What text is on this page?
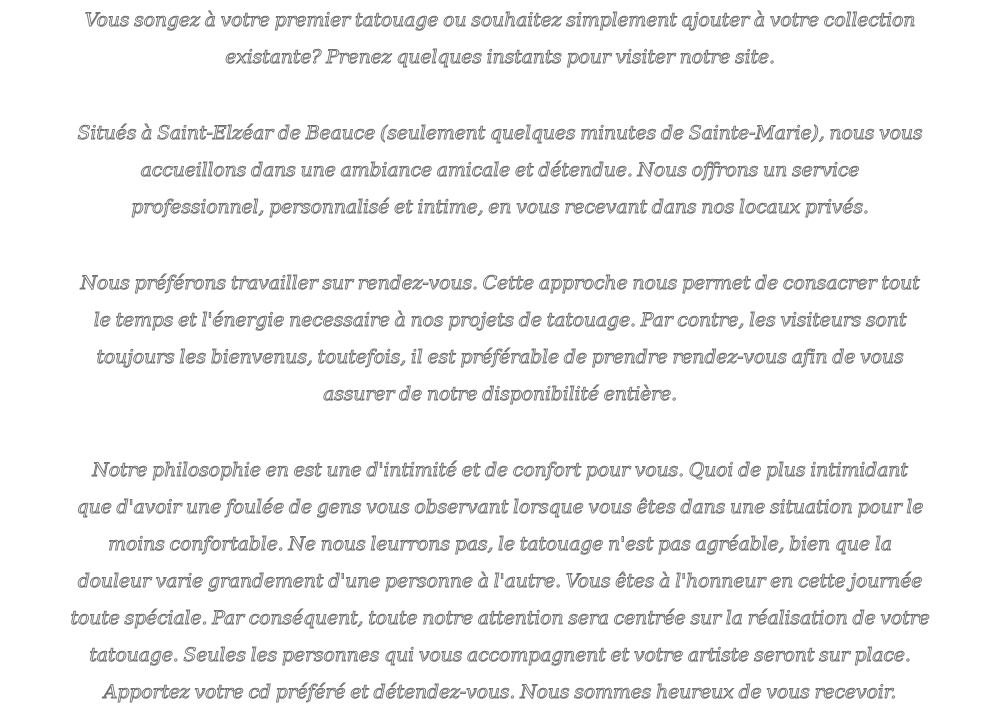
Vous songez à votre premier tatouage ou souhaitez simplement ajouter à votre collection
existante? Prenez quelques instants pour visiter notre site.

Situés à Saint-Elzéar de Beauce (seulement quelques minutes de Sainte-Marie), nous vous
accueillons dans une ambiance amicale et détendue. Nous offrons un service
professionnel, personnalisé et intime, en vous recevant dans nos locaux privés.

Nous préférons travailler sur rendez-vous. Cette approche nous permet de consacrer tout
le temps et l'énergie necessaire à nos projets de tatouage. Par contre, les visiteurs sont
toujours les bienvenus, toutefois, il est préférable de prendre rendez-vous afin de vous
assurer de notre disponibilité entière.

Notre philosophie en est une d'intimité et de confort pour vous. Quoi de plus intimidant
que d'avoir une foulée de gens vous observant lorsque vous êtes dans une situation pour le
moins confortable. Ne nous leurrons pas, le tatouage n'est pas agréable, bien que la
douleur varie grandement d'une personne à l'autre. Vous êtes à l'honneur en cette journée
toute spéciale. Par conséquent, toute notre attention sera centrée sur la réalisation de votre
tatouage. Seules les personnes qui vous accompagnent et votre artiste seront sur place.
Apportez votre cd préféré et détendez-vous. Nous sommes heureux de vous recevoir.
